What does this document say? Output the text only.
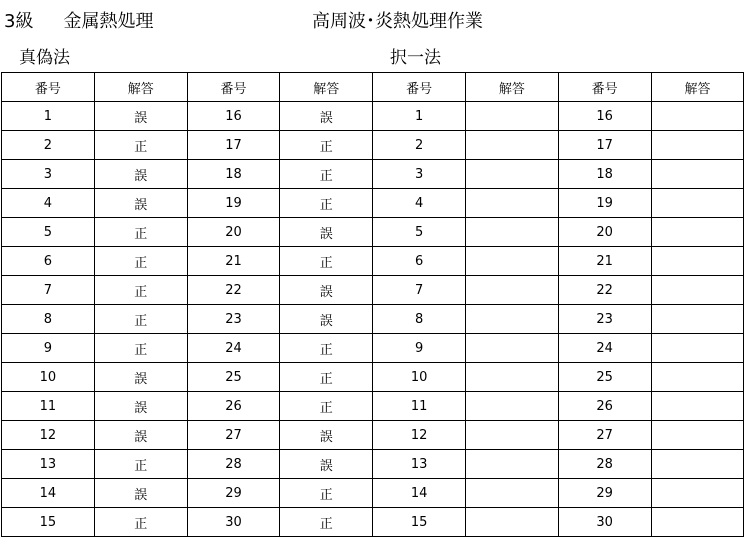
3級 金属熱処理	高周波･炎熱処理作業
真偽法	択一法
番号	解答	番号	解答	番号	解答	番号	解答
1	誤	16	誤	1		16	
2	正	17	正	2		17	
3	誤	18	正	3		18	
4	誤	19	正	4		19	
5	正	20	誤	5		20	
6	正	21	正	6		21	
7	正	22	誤	7		22	
8	正	23	誤	8		23	
9	正	24	正	9		24	
10	誤	25	正	10		25	
11	誤	26	正	11		26	
12	誤	27	誤	12		27	
13	正	28	誤	13		28	
14	誤	29	正	14		29	
15	正	30	正	15		30	
